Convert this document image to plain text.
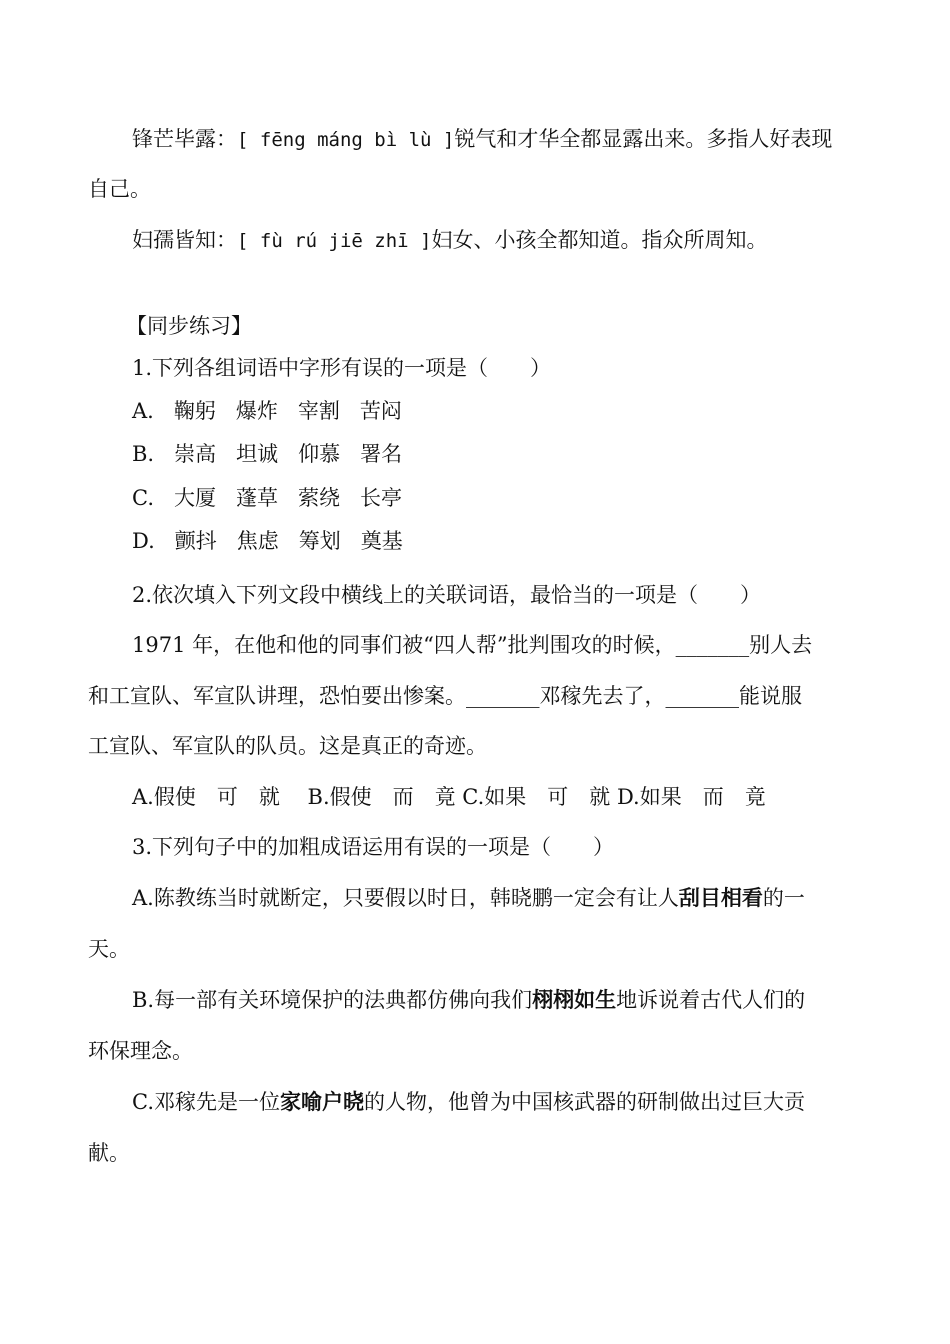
锋芒毕露：[ fēng máng bì lù ]锐气和才华全都显露出来。多指人好表现
自己。
妇孺皆知：[ fù rú jiē zhī ]妇女、小孩全都知道。指众所周知。
【同步练习】
1.下列各组词语中字形有误的一项是（　　）
A. 鞠躬 爆炸 宰割 苦闷
B. 崇高 坦诚 仰慕 署名
C. 大厦 蓬草 萦绕 长亭
D. 颤抖 焦虑 筹划 奠基
2.依次填入下列文段中横线上的关联词语，最恰当的一项是（　　）
1971 年，在他和他的同事们被“四人帮”批判围攻的时候，_______别人去
和工宣队、军宣队讲理，恐怕要出惨案。_______邓稼先去了，_______能说服
工宣队、军宣队的队员。这是真正的奇迹。
A.假使　可　就　 B.假使　而　竟 C.如果　可　就 D.如果　而　竟
3.下列句子中的加粗成语运用有误的一项是（　　）
A.陈教练当时就断定，只要假以时日，韩晓鹏一定会有让人刮目相看的一
天。
B.每一部有关环境保护的法典都仿佛向我们栩栩如生地诉说着古代人们的
环保理念。
C.邓稼先是一位家喻户晓的人物，他曾为中国核武器的研制做出过巨大贡
献。
